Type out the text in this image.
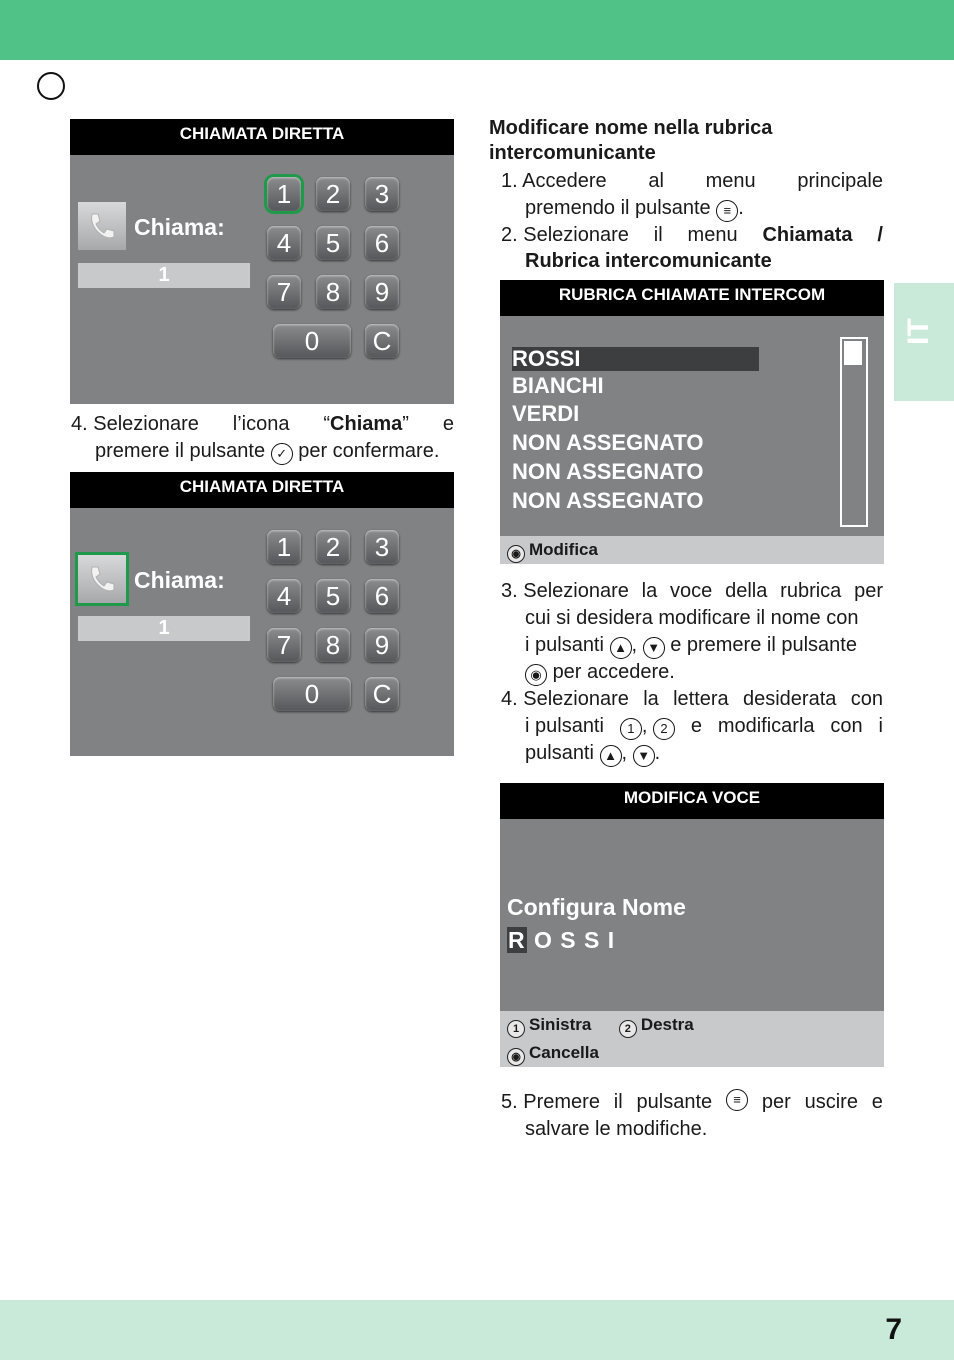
IT
7
CHIAMATA DIRETTA
Chiama:
1
1	2	3
4	5	6
7	8	9
0	C
4. Selezionare l’icona “Chiama” e
premere il pulsante ✓ per confermare.
CHIAMATA DIRETTA
Chiama:
1
1	2	3
4	5	6
7	8	9
0	C
Modificare nome nella rubrica
intercomunicante
1. Accedere al menu principale
premendo il pulsante ≡ .
2. Selezionare il menu Chiamata /
Rubrica intercomunicante
RUBRICA CHIAMATE INTERCOM
ROSSI
BIANCHI
VERDI
NON ASSEGNATO
NON ASSEGNATO
NON ASSEGNATO
◉ Modifica
3. Selezionare la voce della rubrica per
cui si desidera modificare il nome con
i pulsanti ▲ , ▼ e premere il pulsante
◉ per accedere.
4. Selezionare la lettera desiderata con
i pulsanti	1 , 2	e modificarla con i
pulsanti ▲ , ▼ .
MODIFICA VOCE
Configura Nome
R O S S I
1 Sinistra	2 Destra
◉ Cancella
5. Premere il pulsante	≡	per uscire e
salvare le modifiche.
